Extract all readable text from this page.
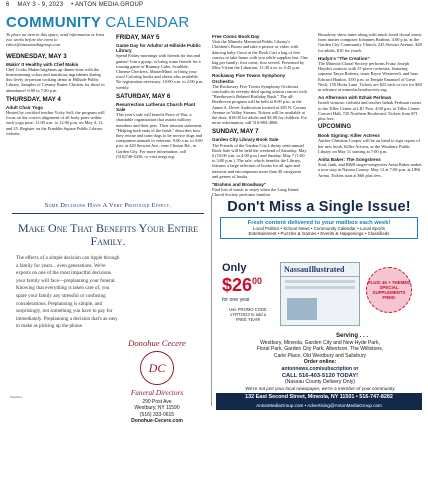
6 MAY 3 - 9, 2023 • ANTON MEDIA GROUP
COMMUNITY CALENDAR
To place an item in this space, send information at least two weeks before the event to editor@antonmediagroup.com
WEDNESDAY, MAY 3
Makin' It Healthy with Chef Makin
Chef Cooks Makin brightens up dinner-time with the heartwarming colors and nutritious ingredients during this lively in-person cooking demo at Hillside Public Library. Samples of Creamy Butter Chicken for those in attendance! 6:00 to 7:00 p.m.
THURSDAY, MAY 4
Adult Chair Yoga
Hosted by certified teacher Vicky Self, the program will focus on the correct alignment of all body parts within each yoga pose. 11:00 a.m. to 12:00 p.m. on May 4, 11, and 25. Register on the Franklin Square Public Library website.
FRIDAY, MAY 5
Game Day for Adults! at Hillside Public Library
Spend Friday mornings with friends for fun and games! Join a group, or bring some friends for a rousing game of Rummy Cube, Scrabble, Chinese Checkers, MasterMind, or bring your own! Coloring books and sheets also available. No registration necessary. 10:00 a.m. to 2:00 p.m. weekly.
SATURDAY, MAY 6
Resurrection Lutheran Church Plant Sale
This year's sale will benefit Paws of War, a charitable organization that assists military members and their pets. Their mission statement, "Helping both ends of the leash," describes how they rescue and train dogs to be service dogs and companion animals to veterans. 9:00 a.m. to 4:00 p.m. at 420 Stewart Ave., near Clinton Rd., in Garden City. For more information, call (516)746-4436, or visit rnegt.org.
Free Comic Book Day
Visit the Mineola Memorial Public Library's Children's Room and take a picture or video with dancing baby Groot at the Book Cart a bag of free comics to take home with you while supplies last. One bag per family; first come, first served. Presented by Miss Vivian the Librarian. 11:30 a.m. to 4:45 p.m.
Rockaway Five Towns Symphony Orchestra
The Rockaway Five Towns Symphony Orchestra concludes its seventy-third spring season concert with "Beethoven's Belated Birthday Bash." The all-Beethoven program will be held at 8:00 p.m. in the James A. Dever Auditorium located at 385 N. Corona Avenue in Valley Stream. Tickets will be available at the door: $18.00 for adults and $3.00 for children. For more information, call 516-884-4806.
SUNDAY, MAY 7
Garden City Library Book Sale
The Friends of the Garden City Library semi-annual Book Sale will be held the weekend of Saturday, May 6 (10:00 a.m. to 4:00 p.m.) and Sunday, May 7 (1:00 to 3:00 p.m.). The sale, which benefits the Library, features a large selection of books for all ages and interests and encompasses more than 40 categories and genres of books.
"Brahms and Broadway"
Find lots of music to enjoy when the Long Island Choral Society performs familiar
Broadway show tunes along with much loved choral music from master composer Johannes Brahms. 4:00 p.m. at the Garden City Community Church, 245 Stewart Avenue. $20 for adults, $10 for youth.
Hudyn's "The Creation"
The Mineola Choral Society performs Franz Joseph Haydn's oratorio with 37-piece orchestra, featuring soprano Tanya Roberts, tenor Bryce Westervelt, and bass Edward Hanlon. 3:00 p.m. at Temple Emanuel of Great Neck, 150 Hicks Lane. Tickets are $25 each or two for $40 in advance at mineolachoralsociety.org.
An Afternoon with Itzhak Perlman
Israeli virtuoso violinist and teacher Itzhak Perlman comes to the Tilles Center at LIU Post. 4:00 p.m. at Tilles Center Concert Hall, 720 Northern Boulevard. Tickets from $71 plus fees.
UPCOMING
Book Signing: Killer Actress
Author Christina Cooper will be on hand to sign copies of her new book, Killer Actress, at the Westbury Public Library on May 11 starting at 7:00 p.m.
Anita Baker: The Songstress
Soul, funk, and R&B singer-songwriter Anita Baker makes a tour stop in Nassau County. May 12 at 7:00 p.m. at UBS Arena. Tickets start at $60 plus fees.
Some Decisions Have A Very Profound Effect.
Make One That Benefits Your Entire Family.
The effects of a simple decision can ripple through a family for years... even generations. We're experts on one of the most impactful decisions your family will face—preplanning your funeral. Knowing that everything is taken care of, you spare your family any stressful or confusing considerations. Preplanning is simple, and surprisingly, not something you have to pay for immediately. Preplanning a decision that's as easy to make as picking up the phone.
Donohue Cecere
DC
Funeral Directors
290 Post Ave
Westbury, NY 11590
(516) 333-0615
Donohue-Cecere.com
Westbury
Don't Miss a Single Issue!
Fresh content delivered to your mailbox each week!
Local Politics • School News • Community Calendar • Local Sports
Entertainment • Puzzles & Games • Events & Happenings • Classifieds
Only
$\$26^{00}$
for one year
Use PROMO CODE 1YRT2023 to add a FREE YEAR!
NassauIllustrated
PLUS! 45 + THEMED SPECIAL SUPPLEMENTS FREE!
Serving . . .
Westbury, Mineola, Garden City and New Hyde Park,
Floral Park, Garden City Park, Albertson, The Willistons,
Carle Place, Old Westbury and Salisbury
Order online:
antonnews.com/subscription or
CALL 516-403-5120 TODAY!
(Nassau County Delivery Only)
We're not just your local newspaper, we're a member of your community
132 East Second Street, Mineola, NY 11501 • 516-747-8282
AntonMediaGroup.com • Advertising@AntonMediaGroup.com
